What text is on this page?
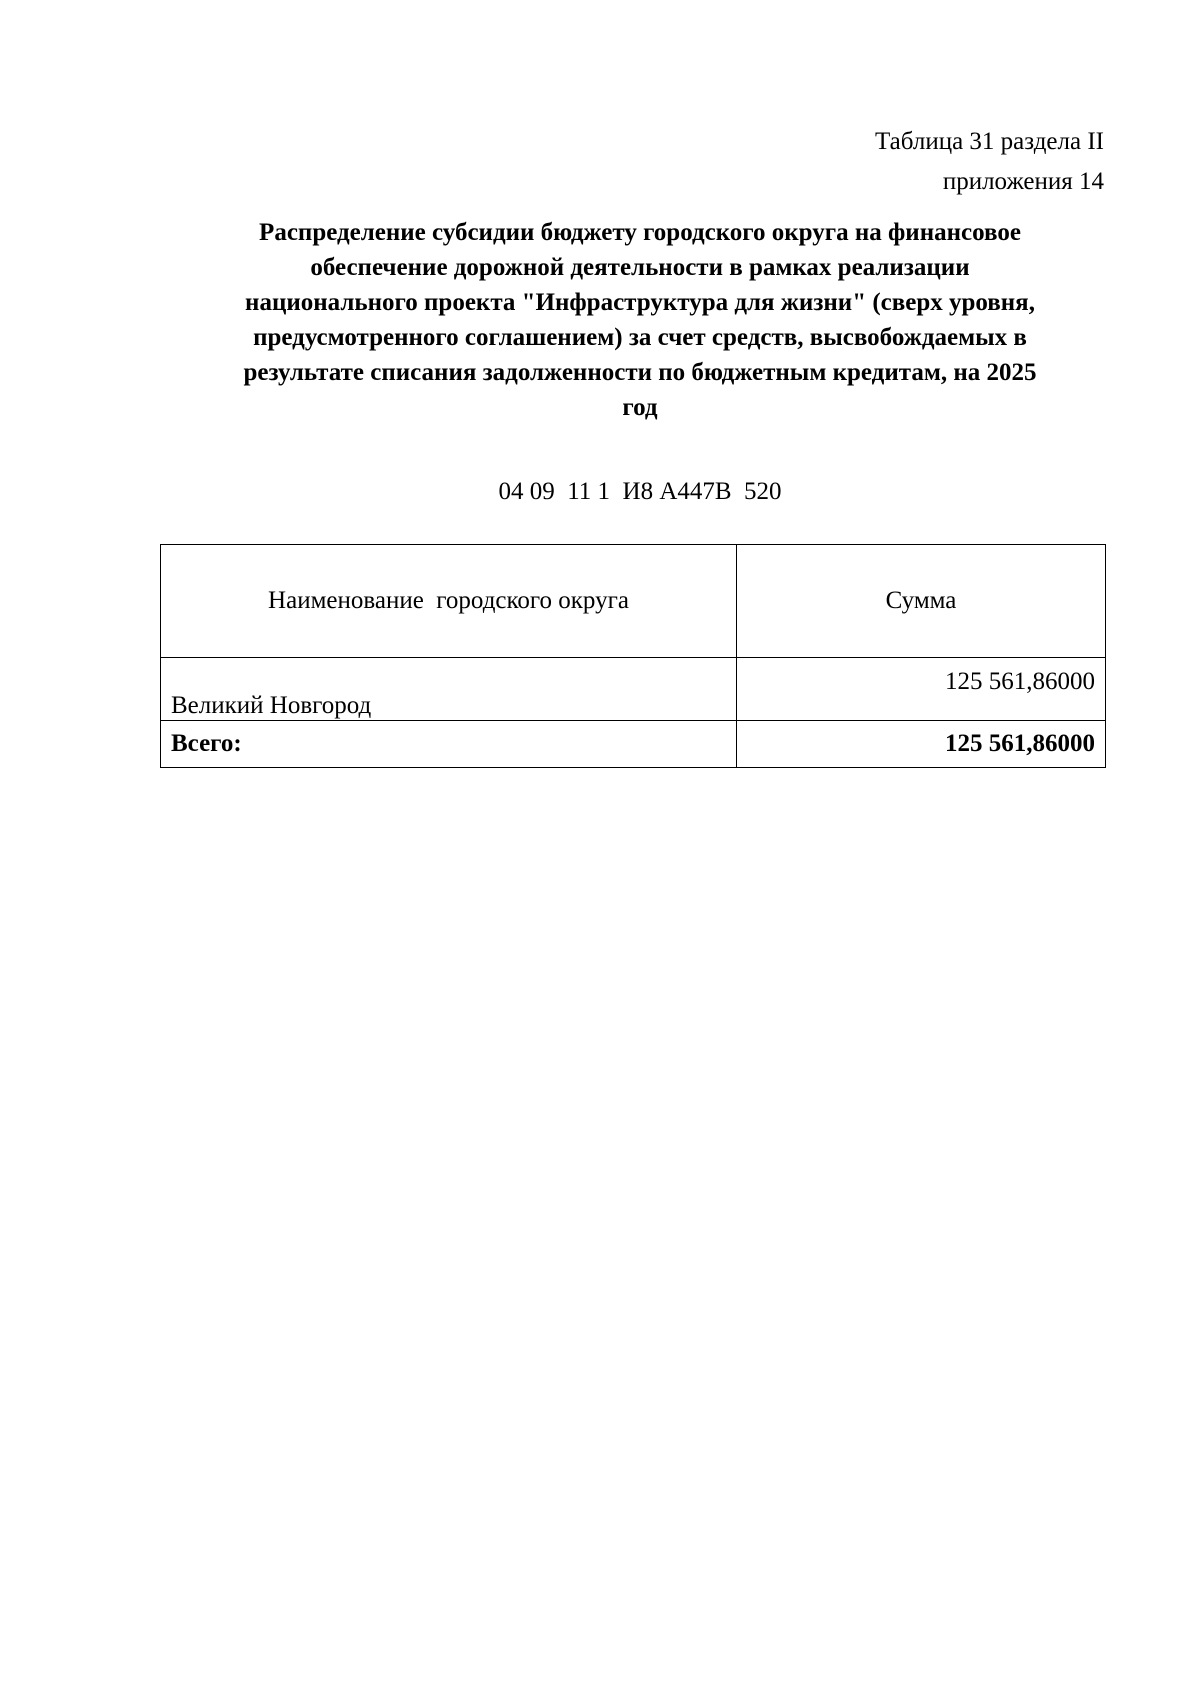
Таблица 31 раздела II
приложения 14
Распределение субсидии бюджету городского округа на финансовое
обеспечение дорожной деятельности в рамках реализации
национального проекта "Инфраструктура для жизни" (сверх уровня,
предусмотренного соглашением) за счет средств, высвобождаемых в
результате списания задолженности по бюджетным кредитам, на 2025
год
04 09  11 1  И8 А447В  520
Наименование  городского округа	Сумма
Великий Новгород	125 561,86000
Всего:	125 561,86000
